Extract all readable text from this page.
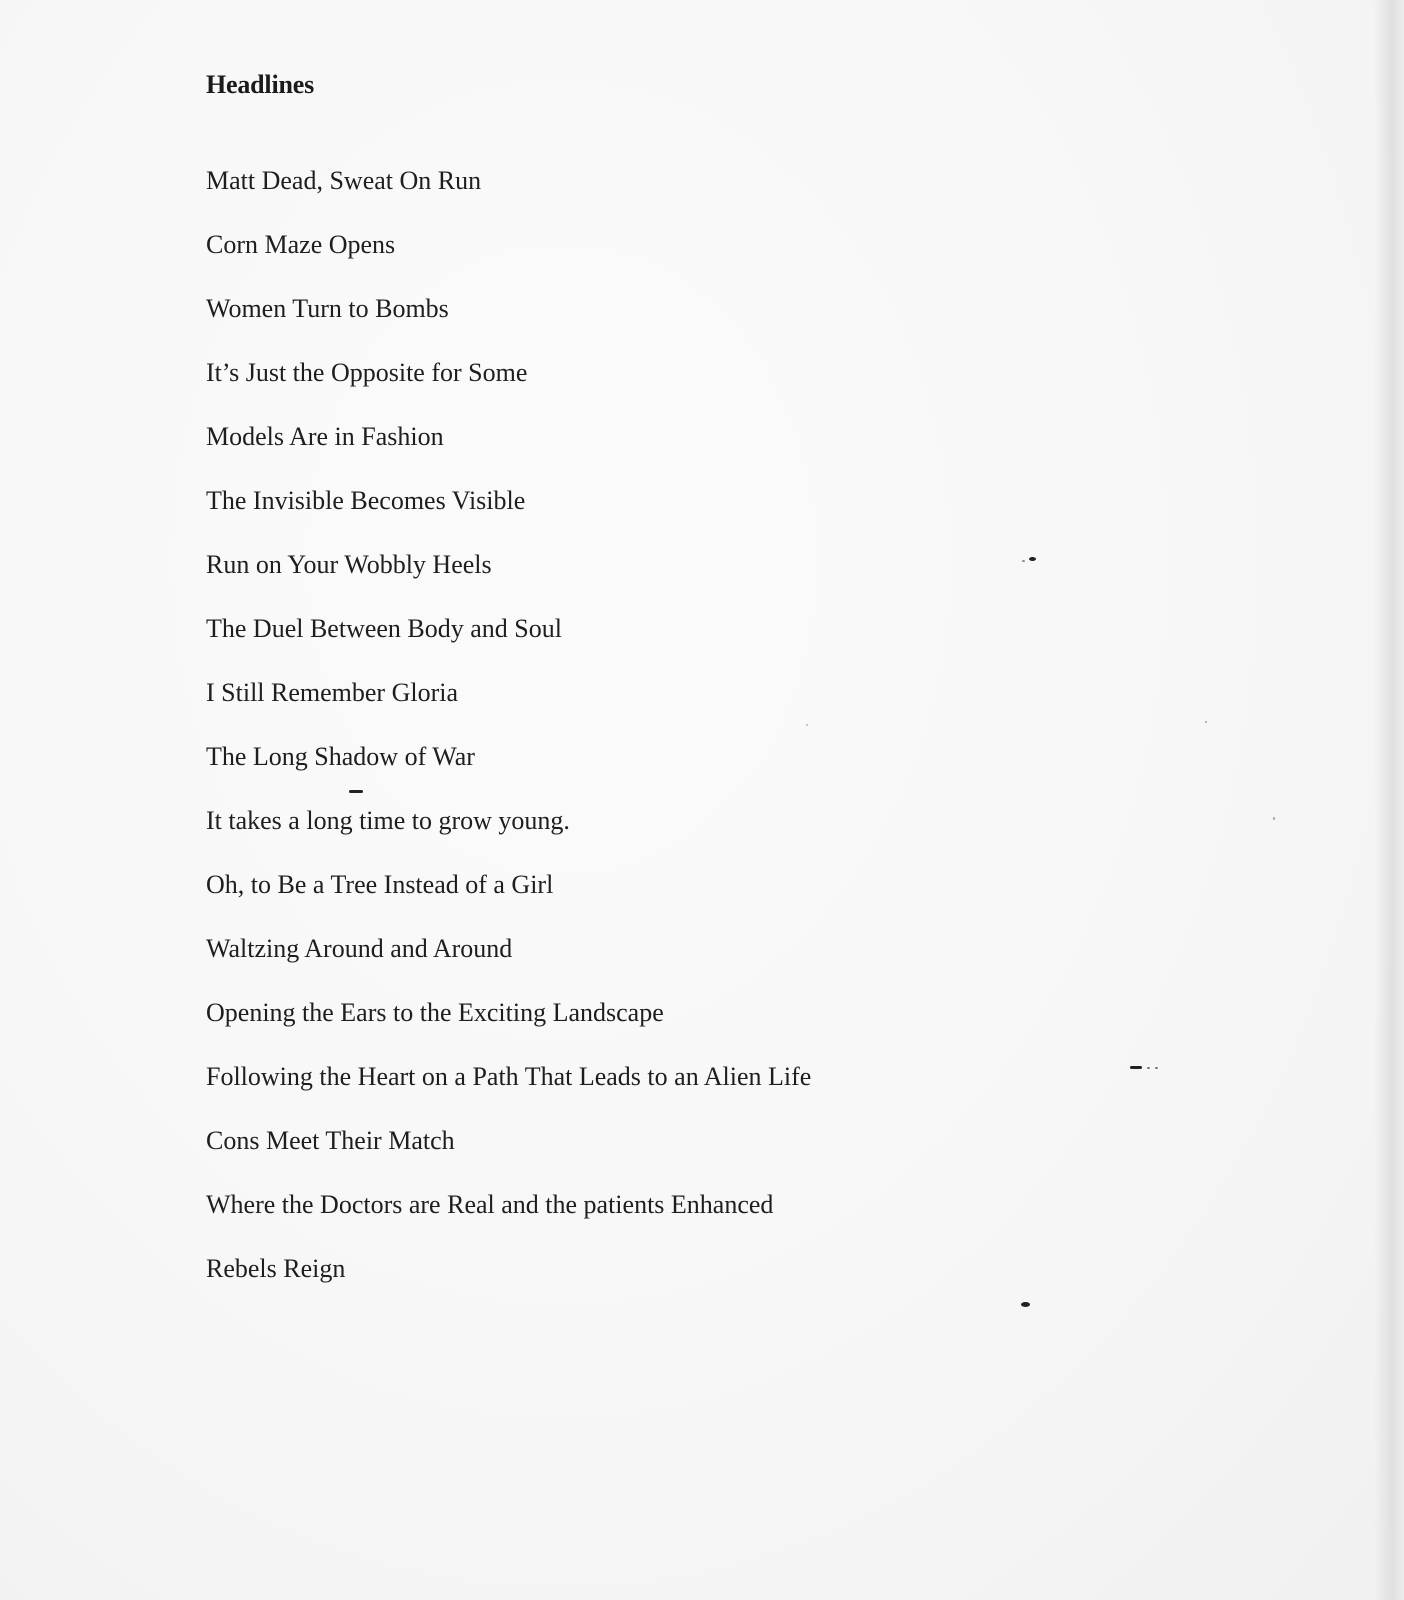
Headlines
Matt Dead, Sweat On Run
Corn Maze Opens
Women Turn to Bombs
It’s Just the Opposite for Some
Models Are in Fashion
The Invisible Becomes Visible
Run on Your Wobbly Heels
The Duel Between Body and Soul
I Still Remember Gloria
The Long Shadow of War
It takes a long time to grow young.
Oh, to Be a Tree Instead of a Girl
Waltzing Around and Around
Opening the Ears to the Exciting Landscape
Following the Heart on a Path That Leads to an Alien Life
Cons Meet Their Match
Where the Doctors are Real and the patients Enhanced
Rebels Reign
